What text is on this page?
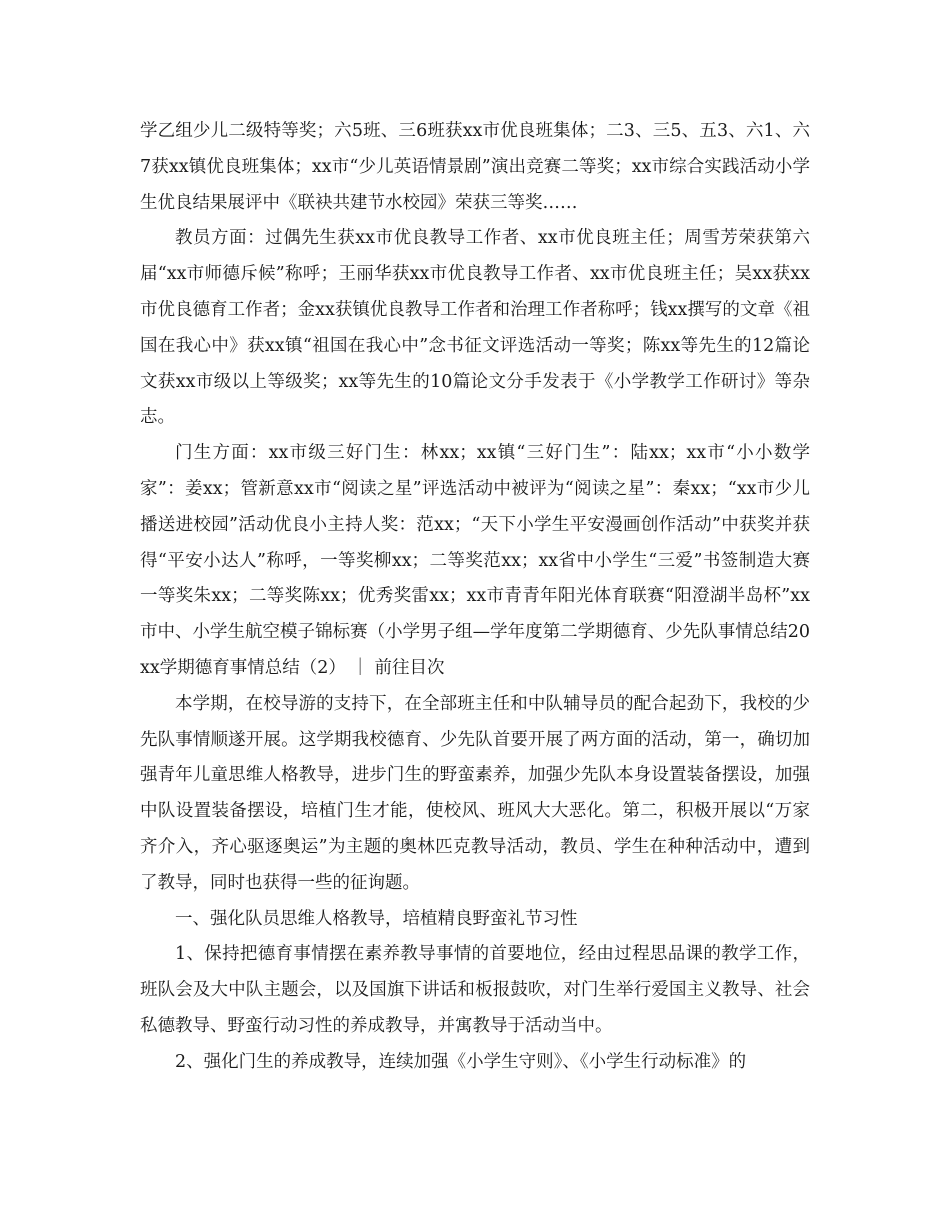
学乙组少儿二级特等奖；六5班、三6班获xx市优良班集体；二3、三5、五3、六1、六7获xx镇优良班集体；xx市“少儿英语情景剧”演出竞赛二等奖；xx市综合实践活动小学生优良结果展评中《联袂共建节水校园》荣获三等奖……

教员方面：过偶先生获xx市优良教导工作者、xx市优良班主任；周雪芳荣获第六届“xx市师德斥候”称呼；王丽华获xx市优良教导工作者、xx市优良班主任；吴xx获xx市优良德育工作者；金xx获镇优良教导工作者和治理工作者称呼；钱xx撰写的文章《祖国在我心中》获xx镇“祖国在我心中”念书征文评选活动一等奖；陈xx等先生的12篇论文获xx市级以上等级奖；xx等先生的10篇论文分手发表于《小学教学工作研讨》等杂志。

门生方面：xx市级三好门生：林xx；xx镇“三好门生”：陆xx；xx市“小小数学家”：姜xx；管新意xx市“阅读之星”评选活动中被评为“阅读之星”：秦xx；“xx市少儿播送进校园”活动优良小主持人奖：范xx；“天下小学生平安漫画创作活动”中获奖并获得“平安小达人”称呼，一等奖柳xx；二等奖范xx；xx省中小学生“三爱”书签制造大赛一等奖朱xx；二等奖陈xx；优秀奖雷xx；xx市青青年阳光体育联赛“阳澄湖半岛杯”xx市中、小学生航空模子锦标赛（小学男子组—学年度第二学期德育、少先队事情总结20xx学期德育事情总结（2） ｜ 前往目次

本学期，在校导游的支持下，在全部班主任和中队辅导员的配合起劲下，我校的少先队事情顺遂开展。这学期我校德育、少先队首要开展了两方面的活动，第一，确切加强青年儿童思维人格教导，进步门生的野蛮素养，加强少先队本身设置装备摆设，加强中队设置装备摆设，培植门生才能，使校风、班风大大恶化。第二，积极开展以“万家齐介入，齐心驱逐奥运”为主题的奥林匹克教导活动，教员、学生在种种活动中，遭到了教导，同时也获得一些的征询题。

一、强化队员思维人格教导，培植精良野蛮礼节习性

1、保持把德育事情摆在素养教导事情的首要地位，经由过程思品课的教学工作，班队会及大中队主题会，以及国旗下讲话和板报鼓吹，对门生举行爱国主义教导、社会私德教导、野蛮行动习性的养成教导，并寓教导于活动当中。

2、强化门生的养成教导，连续加强《小学生守则》、《小学生行动标准》的
